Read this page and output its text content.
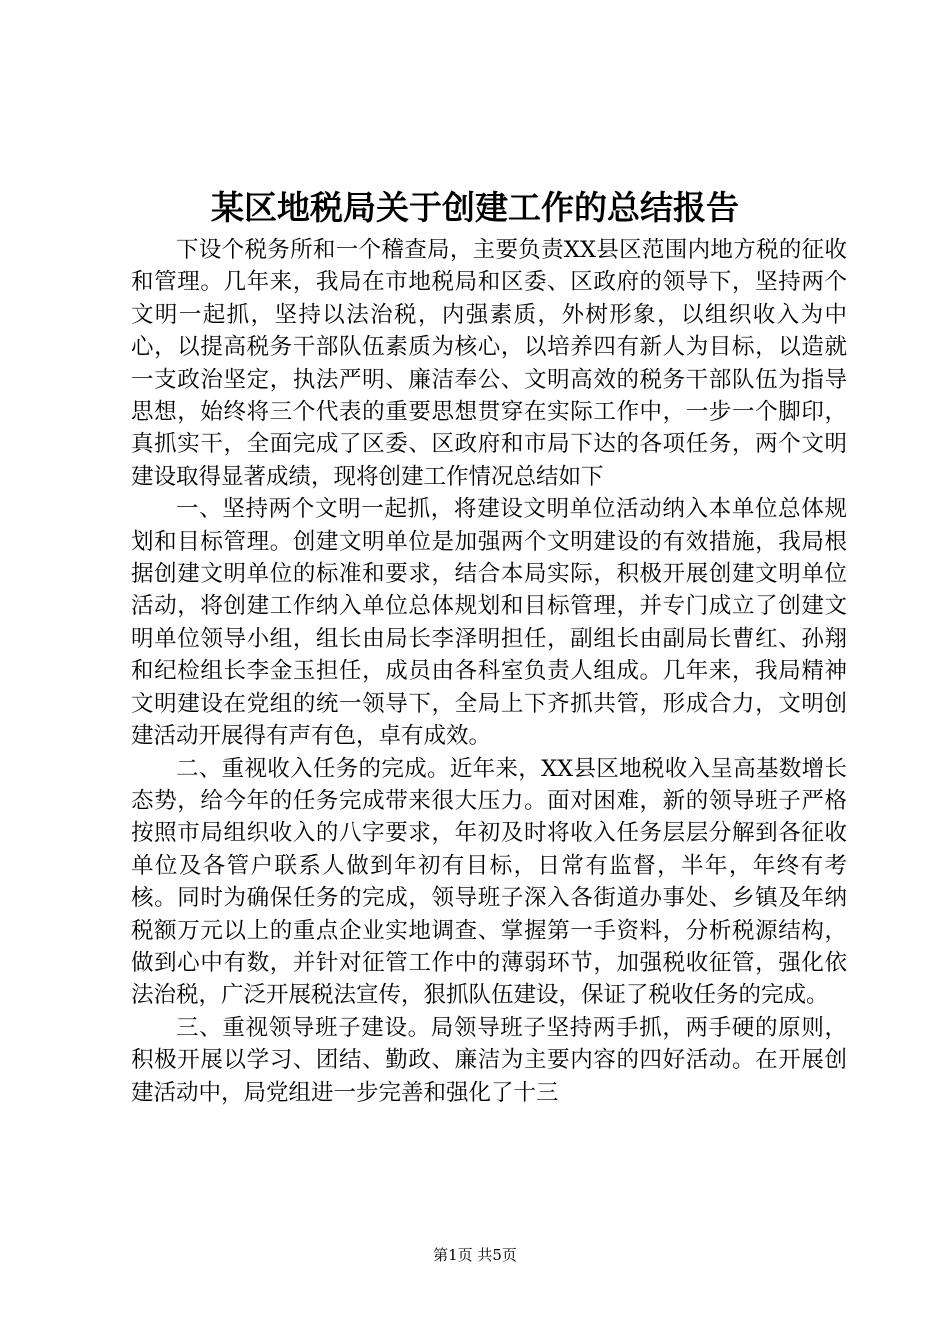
某区地税局关于创建工作的总结报告

下设个税务所和一个稽查局，主要负责XX县区范围内地方税的征收和管理。几年来，我局在市地税局和区委、区政府的领导下，坚持两个文明一起抓，坚持以法治税，内强素质，外树形象，以组织收入为中心，以提高税务干部队伍素质为核心，以培养四有新人为目标，以造就一支政治坚定，执法严明、廉洁奉公、文明高效的税务干部队伍为指导思想，始终将三个代表的重要思想贯穿在实际工作中，一步一个脚印，真抓实干，全面完成了区委、区政府和市局下达的各项任务，两个文明建设取得显著成绩，现将创建工作情况总结如下

一、坚持两个文明一起抓，将建设文明单位活动纳入本单位总体规划和目标管理。创建文明单位是加强两个文明建设的有效措施，我局根据创建文明单位的标准和要求，结合本局实际，积极开展创建文明单位活动，将创建工作纳入单位总体规划和目标管理，并专门成立了创建文明单位领导小组，组长由局长李泽明担任，副组长由副局长曹红、孙翔和纪检组长李金玉担任，成员由各科室负责人组成。几年来，我局精神文明建设在党组的统一领导下，全局上下齐抓共管，形成合力，文明创建活动开展得有声有色，卓有成效。

二、重视收入任务的完成。近年来，XX县区地税收入呈高基数增长态势，给今年的任务完成带来很大压力。面对困难，新的领导班子严格按照市局组织收入的八字要求，年初及时将收入任务层层分解到各征收单位及各管户联系人做到年初有目标，日常有监督，半年，年终有考核。同时为确保任务的完成，领导班子深入各街道办事处、乡镇及年纳税额万元以上的重点企业实地调查、掌握第一手资料，分析税源结构，做到心中有数，并针对征管工作中的薄弱环节，加强税收征管，强化依法治税，广泛开展税法宣传，狠抓队伍建设，保证了税收任务的完成。

三、重视领导班子建设。局领导班子坚持两手抓，两手硬的原则，积极开展以学习、团结、勤政、廉洁为主要内容的四好活动。在开展创建活动中，局党组进一步完善和强化了十三

第1页 共5页
